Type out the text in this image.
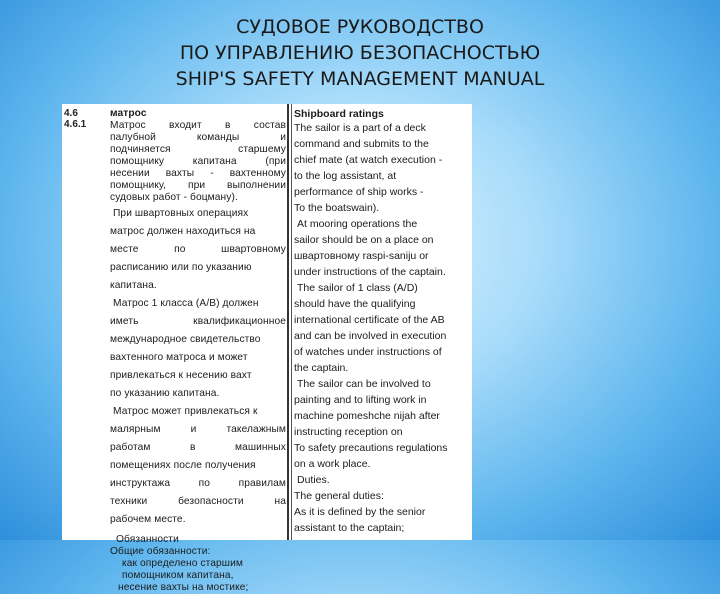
СУДОВОЕ РУКОВОДСТВО
ПО УПРАВЛЕНИЮ БЕЗОПАСНОСТЬЮ
SHIP'S SAFETY MANAGEMENT MANUAL
4.6
4.6.1
матрос
Матрос входит в состав
палубной команды и
подчиняется старшему
помощнику капитана (при
несении вахты - вахтенному
помощнику, при выполнении
судовых работ - боцману).
При швартовных операциях
матрос должен находиться на
месте по швартовному
расписанию или по указанию
капитана.
Матрос 1 класса (А/В) должен
иметь квалификационное
международное свидетельство
вахтенного матроса и может
привлекаться к несению вахт
по указанию капитана.
Матрос может привлекаться к
малярным и такелажным
работам в машинных
помещениях после получения
инструктажа по правилам
техники безопасности на
рабочем месте.
Обязанности
Общие обязанности:
как определено старшим
помощником капитана,
несение вахты на мостике;
Shipboard ratings
The sailor is a part of a deck
command and submits to the
chief mate (at watch execution -
to the log assistant, at
performance of ship works -
To the boatswain).
At mooring operations the
sailor should be on a place on
швартовному raspi-saniju or
under instructions of the captain.
The sailor of 1 class (A/D)
should have the qualifying
international certificate of the AB
and can be involved in execution
of watches under instructions of
the captain.
The sailor can be involved to
painting and to lifting work in
machine pomeshche nijah after
instructing reception on
To safety precautions regulations
on a work place.
Duties.
The general duties:
As it is defined by the senior
assistant to the captain;
